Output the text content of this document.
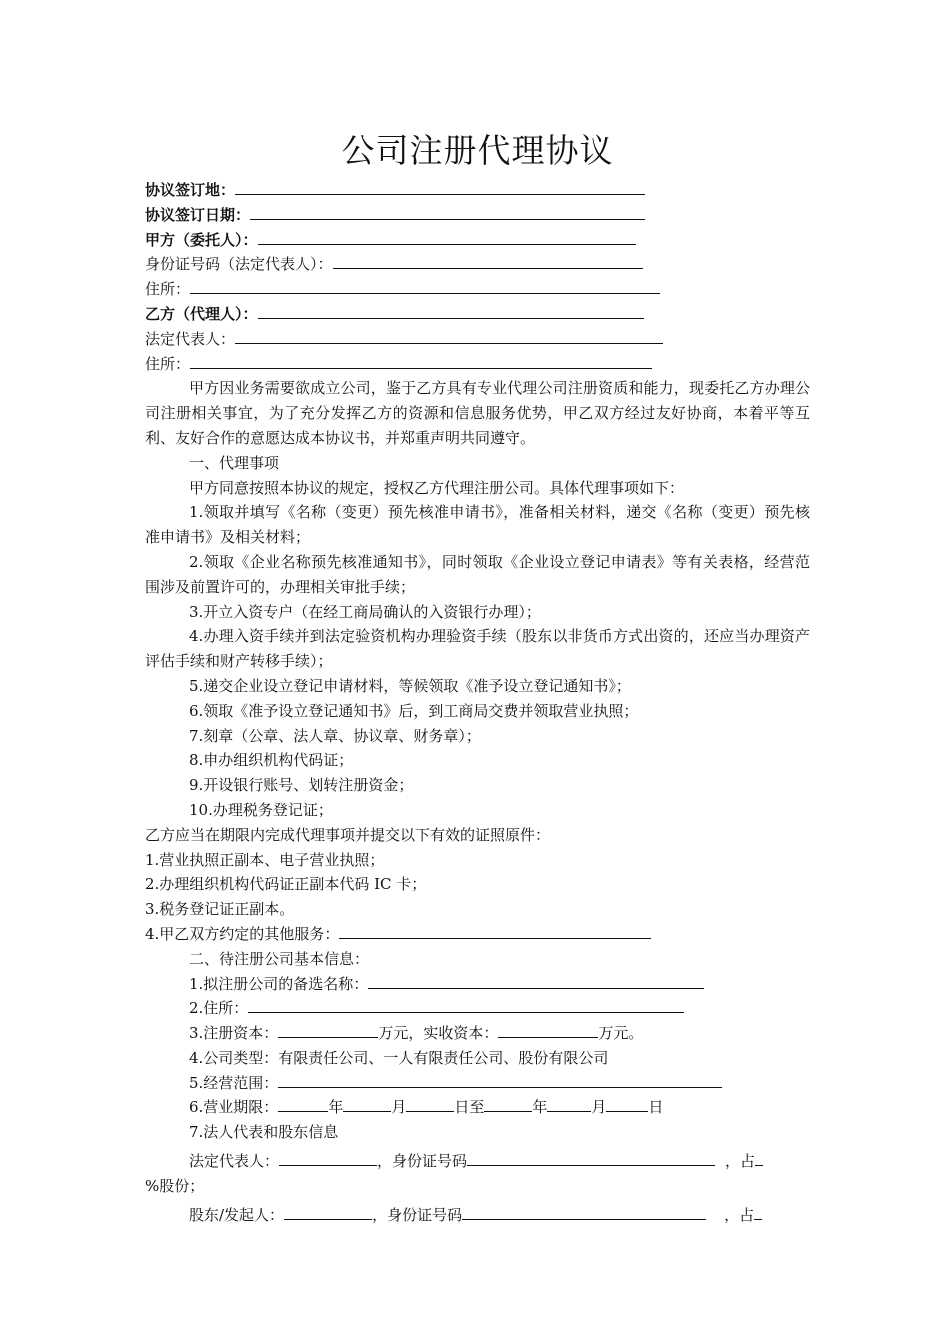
公司注册代理协议
协议签订地：
协议签订日期：
甲方（委托人）：
身份证号码（法定代表人）：
住所：
乙方（代理人）：
法定代表人：
住所：
甲方因业务需要欲成立公司，鉴于乙方具有专业代理公司注册资质和能力，现委托乙方办理公司注册相关事宜，为了充分发挥乙方的资源和信息服务优势，甲乙双方经过友好协商，本着平等互利、友好合作的意愿达成本协议书，并郑重声明共同遵守。
一、代理事项
甲方同意按照本协议的规定，授权乙方代理注册公司。具体代理事项如下：
1.领取并填写《名称（变更）预先核准申请书》，准备相关材料，递交《名称（变更）预先核准申请书》及相关材料；
2.领取《企业名称预先核准通知书》，同时领取《企业设立登记申请表》等有关表格，经营范围涉及前置许可的，办理相关审批手续；
3.开立入资专户（在经工商局确认的入资银行办理）；
4.办理入资手续并到法定验资机构办理验资手续（股东以非货币方式出资的，还应当办理资产评估手续和财产转移手续）；
5.递交企业设立登记申请材料，等候领取《准予设立登记通知书》；
6.领取《准予设立登记通知书》后，到工商局交费并领取营业执照；
7.刻章（公章、法人章、协议章、财务章）；
8.申办组织机构代码证；
9.开设银行账号、划转注册资金；
10.办理税务登记证；
乙方应当在期限内完成代理事项并提交以下有效的证照原件：
1.营业执照正副本、电子营业执照；
2.办理组织机构代码证正副本代码 IC 卡；
3.税务登记证正副本。
4.甲乙双方约定的其他服务：
二、待注册公司基本信息：
1.拟注册公司的备选名称：
2.住所：
3.注册资本：	万元，实收资本：	万元。
4.公司类型：有限责任公司、一人有限责任公司、股份有限公司
5.经营范围：
6.营业期限：	年	月	日至	年	月	日
7.法人代表和股东信息
法定代表人：	，身份证号码	，占
%股份；
股东/发起人：	，身份证号码	，占
